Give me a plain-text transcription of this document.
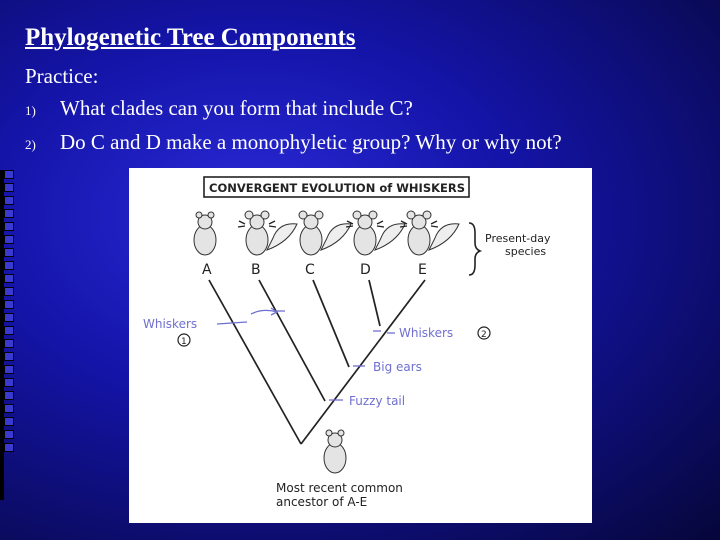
Phylogenetic Tree Components
Practice:
1)	What clades can you form that include C?
2)	Do C and D make a monophyletic group? Why or why not?
CONVERGENT EVOLUTION of WHISKERS
Present-day
species
A	B	C	D	E
Whiskers
1
Whiskers	2
Big ears
Fuzzy tail
Most recent common
ancestor of A-E
